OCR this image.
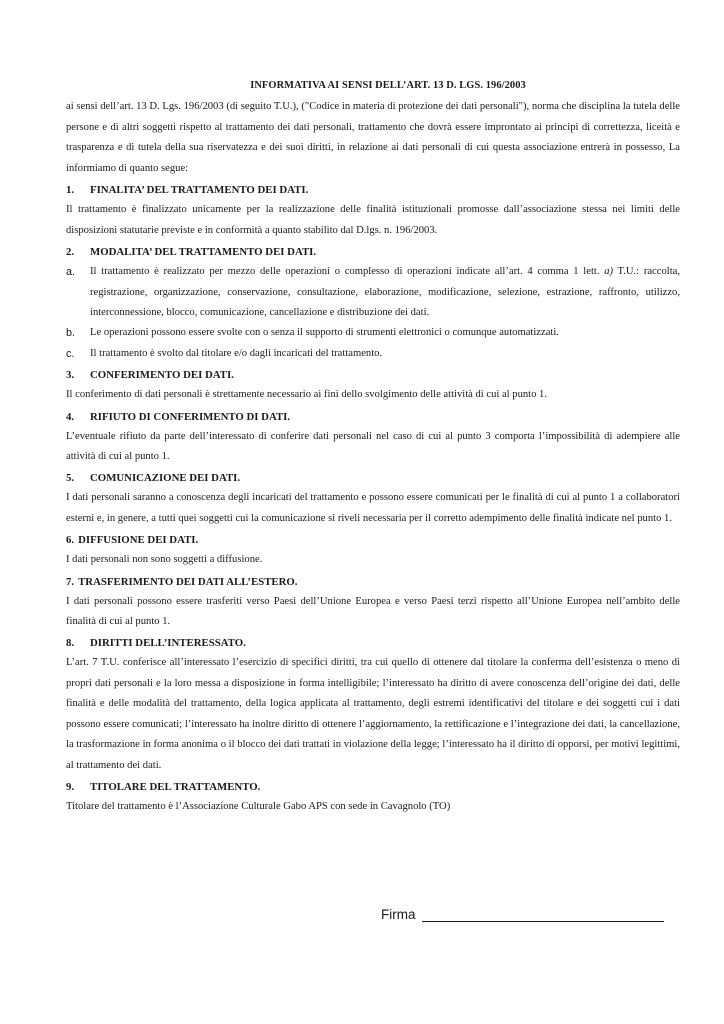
INFORMATIVA AI SENSI DELL’ART. 13 D. LGS. 196/2003

ai sensi dell’art. 13 D. Lgs. 196/2003 (di seguito T.U.), ("Codice in materia di protezione dei dati personali"), norma che disciplina la tutela delle persone e di altri soggetti rispetto al trattamento dei dati personali, trattamento che dovrà essere improntato ai principi di correttezza, liceità e trasparenza e di tutela della sua riservatezza e dei suoi diritti, in relazione ai dati personali di cui questa associazione entrerà in possesso, La informiamo di quanto segue:

1.	FINALITA’ DEL TRATTAMENTO DEI DATI.

Il trattamento è finalizzato unicamente per la realizzazione delle finalità istituzionali promosse dall’associazione stessa nei limiti delle disposizioni statutarie previste e in conformità a quanto stabilito dal D.lgs. n. 196/2003.

2.	MODALITA’ DEL TRATTAMENTO DEI DATI.
a.	Il trattamento è realizzato per mezzo delle operazioni o complesso di operazioni indicate all’art. 4 comma 1 lett. a) T.U.: raccolta, registrazione, organizzazione, conservazione, consultazione, elaborazione, modificazione, selezione, estrazione, raffronto, utilizzo, interconnessione, blocco, comunicazione, cancellazione e distribuzione dei dati.
b.	Le operazioni possono essere svolte con o senza il supporto di strumenti elettronici o comunque automatizzati.
c.	Il trattamento è svolto dal titolare e/o dagli incaricati del trattamento.
3.	CONFERIMENTO DEI DATI.

Il conferimento di dati personali è strettamente necessario ai fini dello svolgimento delle attività di cui al punto 1.

4.	RIFIUTO DI CONFERIMENTO DI DATI.

L’eventuale rifiuto da parte dell’interessato di conferire dati personali nel caso di cui al punto 3 comporta l’impossibilità di adempiere alle attività di cui al punto 1.

5.	COMUNICAZIONE DEI DATI.

I dati personali saranno a conoscenza degli incaricati del trattamento e possono essere comunicati per le finalità di cui al punto 1 a collaboratori esterni e, in genere, a tutti quei soggetti cui la comunicazione si riveli necessaria per il corretto adempimento delle finalità indicate nel punto 1.

6. DIFFUSIONE DEI DATI.

I dati personali non sono soggetti a diffusione.

7. TRASFERIMENTO DEI DATI ALL’ESTERO.

I dati personali possono essere trasferiti verso Paesi dell’Unione Europea e verso Paesi terzi rispetto all’Unione Europea nell’ambito delle finalità di cui al punto 1.

8.	DIRITTI DELL’INTERESSATO.

L’art. 7 T.U. conferisce all’interessato l’esercizio di specifici diritti, tra cui quello di ottenere dal titolare la conferma dell’esistenza o meno di propri dati personali e la loro messa a disposizione in forma intelligibile; l’interessato ha diritto di avere conoscenza dell’origine dei dati, delle finalità e delle modalità del trattamento, della logica applicata al trattamento, degli estremi identificativi del titolare e dei soggetti cui i dati possono essere comunicati; l’interessato ha inoltre diritto di ottenere l’aggiornamento, la rettificazione e l’integrazione dei dati, la cancellazione, la trasformazione in forma anonima o il blocco dei dati trattati in violazione della legge; l’interessato ha il diritto di opporsi, per motivi legittimi, al trattamento dei dati.

9.	TITOLARE DEL TRATTAMENTO.

Titolare del trattamento è l’Associazione Culturale Gabo APS con sede in Cavagnolo (TO)

Firma
